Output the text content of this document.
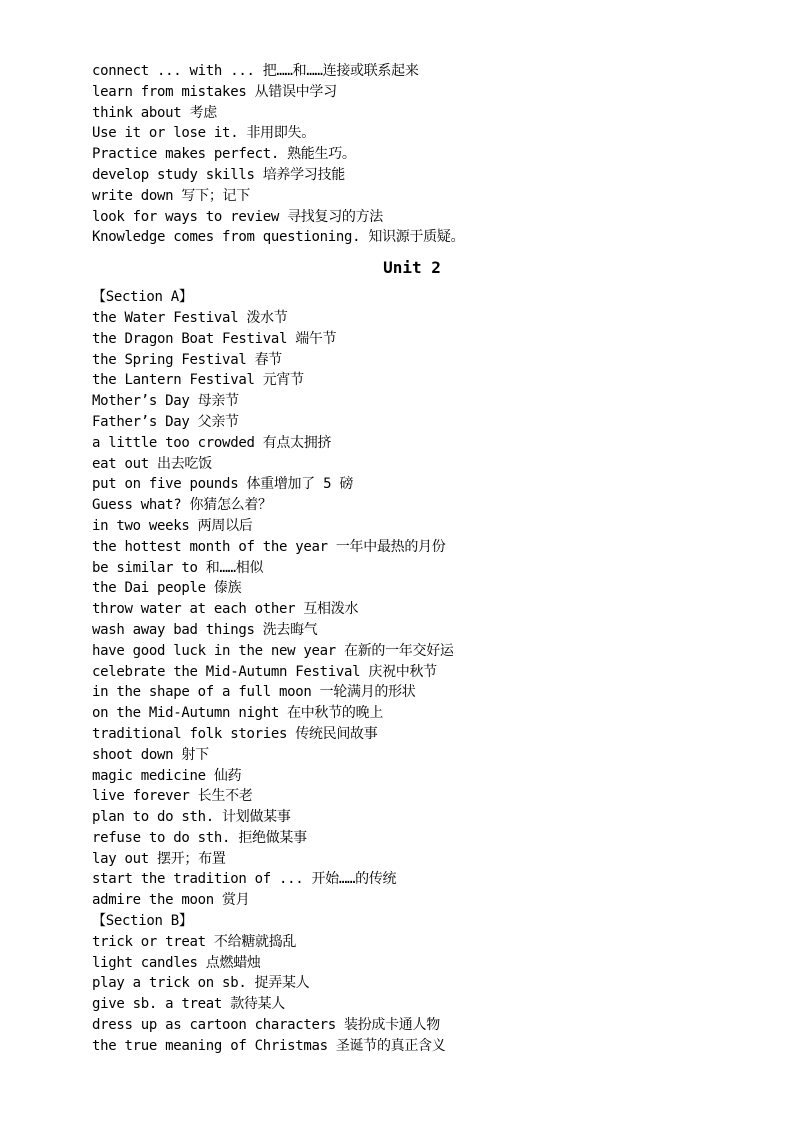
connect ... with ... 把……和……连接或联系起来
learn from mistakes 从错误中学习
think about 考虑
Use it or lose it. 非用即失。
Practice makes perfect. 熟能生巧。
develop study skills 培养学习技能
write down 写下；记下
look for ways to review 寻找复习的方法
Knowledge comes from questioning. 知识源于质疑。
Unit 2
【Section A】
the Water Festival 泼水节
the Dragon Boat Festival 端午节
the Spring Festival 春节
the Lantern Festival 元宵节
Mother’s Day 母亲节
Father’s Day 父亲节
a little too crowded 有点太拥挤
eat out 出去吃饭
put on five pounds 体重增加了 5 磅
Guess what? 你猜怎么着？
in two weeks 两周以后
the hottest month of the year 一年中最热的月份
be similar to 和……相似
the Dai people 傣族
throw water at each other 互相泼水
wash away bad things 洗去晦气
have good luck in the new year 在新的一年交好运
celebrate the Mid-Autumn Festival 庆祝中秋节
in the shape of a full moon 一轮满月的形状
on the Mid-Autumn night 在中秋节的晚上
traditional folk stories 传统民间故事
shoot down 射下
magic medicine 仙药
live forever 长生不老
plan to do sth. 计划做某事
refuse to do sth. 拒绝做某事
lay out 摆开；布置
start the tradition of ... 开始……的传统
admire the moon 赏月
【Section B】
trick or treat 不给糖就捣乱
light candles 点燃蜡烛
play a trick on sb. 捉弄某人
give sb. a treat 款待某人
dress up as cartoon characters 装扮成卡通人物
the true meaning of Christmas 圣诞节的真正含义
